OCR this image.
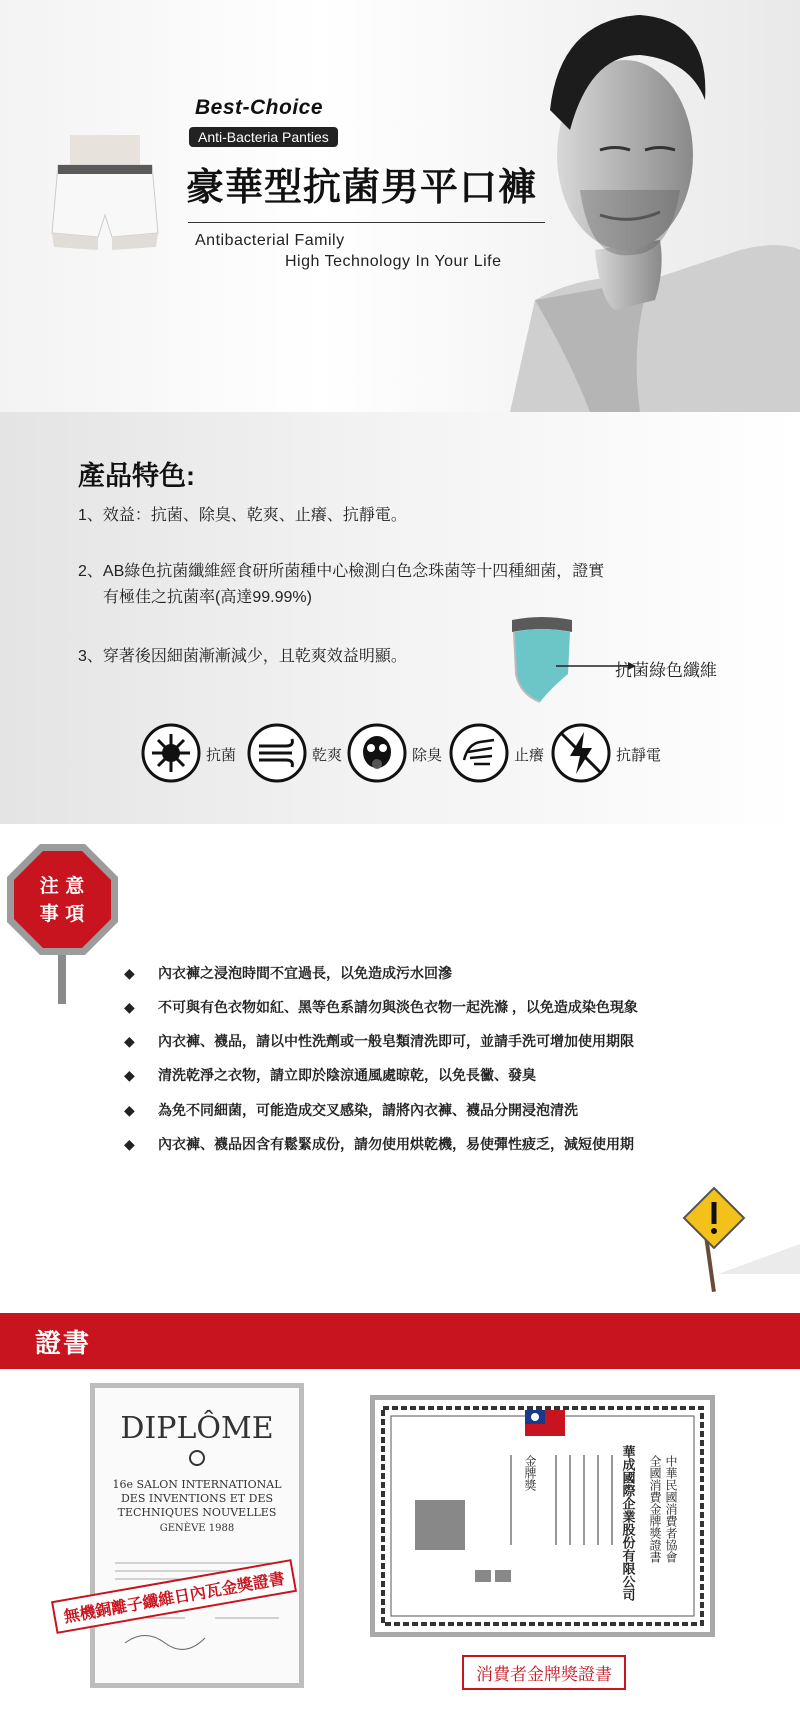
Best-Choice
Anti-Bacteria Panties
豪華型抗菌男平口褲
Antibacterial Family
High Technology In Your Life
產品特色:
1、效益：抗菌、除臭、乾爽、止癢、抗靜電。
2、AB綠色抗菌纖維經食研所菌種中心檢測白色念珠菌等十四種細菌，證實
有極佳之抗菌率(高達99.99%)
3、穿著後因細菌漸漸減少，且乾爽效益明顯。
抗菌綠色纖維
抗菌	乾爽	除臭	止癢	抗靜電
注 意
事 項
◆ 內衣褲之浸泡時間不宜過長，以免造成污水回滲
◆ 不可與有色衣物如紅、黑等色系請勿與淡色衣物一起洗滌 ，以免造成染色現象
◆ 內衣褲、襪品，請以中性洗劑或一般皂類清洗即可，並請手洗可增加使用期限
◆ 清洗乾淨之衣物，請立即於陰涼通風處晾乾，以免長黴、發臭
◆ 為免不同細菌，可能造成交叉感染，請將內衣褲、襪品分開浸泡清洗
◆ 內衣褲、襪品因含有鬆緊成份，請勿使用烘乾機，易使彈性疲乏，減短使用期
證書
DIPLÔME
16e SALON INTERNATIONAL
DES INVENTIONS ET DES
TECHNIQUES NOUVELLES
GENÈVE 1988
無機銅離子纖維日內瓦金獎證書
中華民國消費者協會
全國消費金牌獎證書
華成國際企業股份有限公司
金牌獎
消費者金牌獎證書
